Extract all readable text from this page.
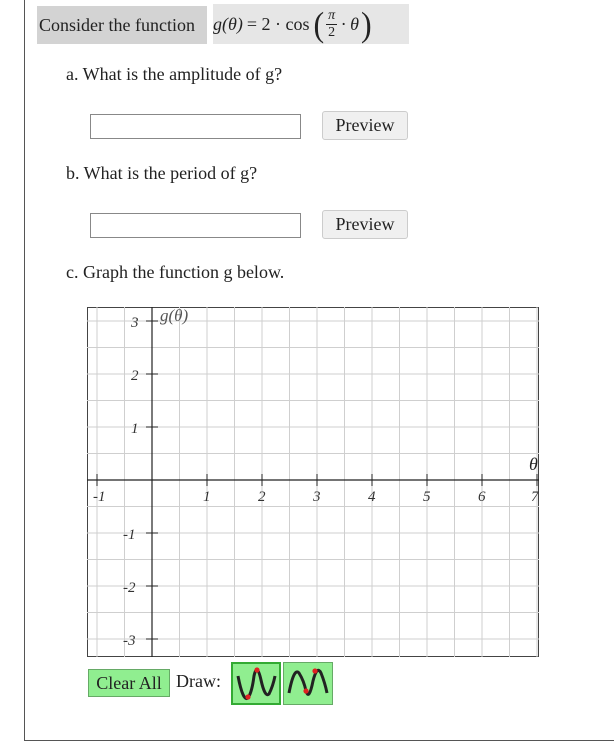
Consider the function	g(θ) = 2 · cos ( $\frac{\pi}{2} \cdot \theta$ )
a. What is the amplitude of g?
Preview
b. What is the period of g?
Preview
c. Graph the function g below.
-1	1	2	3	4	5	6	7
3
2
1
-1
-2
-3
g(θ)
θ
Clear All Draw:
